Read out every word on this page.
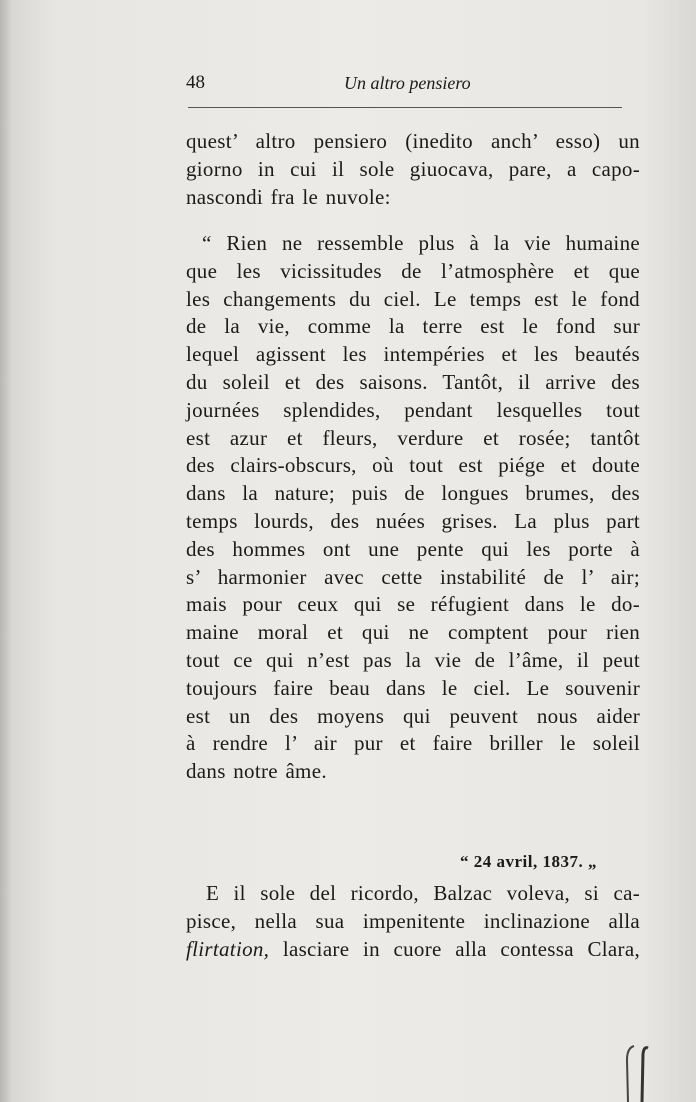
48	Un altro pensiero
quest’ altro pensiero (inedito anch’ esso) un
giorno in cui il sole giuocava, pare, a capo-
nascondi fra le nuvole:
“ Rien ne ressemble plus à la vie humaine
que les vicissitudes de l’atmosphère et que
les changements du ciel. Le temps est le fond
de la vie, comme la terre est le fond sur
lequel agissent les intempéries et les beautés
du soleil et des saisons. Tantôt, il arrive des
journées splendides, pendant lesquelles tout
est azur et fleurs, verdure et rosée; tantôt
des clairs-obscurs, où tout est piége et doute
dans la nature; puis de longues brumes, des
temps lourds, des nuées grises. La plus part
des hommes ont une pente qui les porte à
s’ harmonier avec cette instabilité de l’ air;
mais pour ceux qui se réfugient dans le do-
maine moral et qui ne comptent pour rien
tout ce qui n’est pas la vie de l’âme, il peut
toujours faire beau dans le ciel. Le souvenir
est un des moyens qui peuvent nous aider
à rendre l’ air pur et faire briller le soleil
dans notre âme.
“ 24 avril, 1837. „
E il sole del ricordo, Balzac voleva, si ca-
pisce, nella sua impenitente inclinazione alla
flirtation, lasciare in cuore alla contessa Clara,
